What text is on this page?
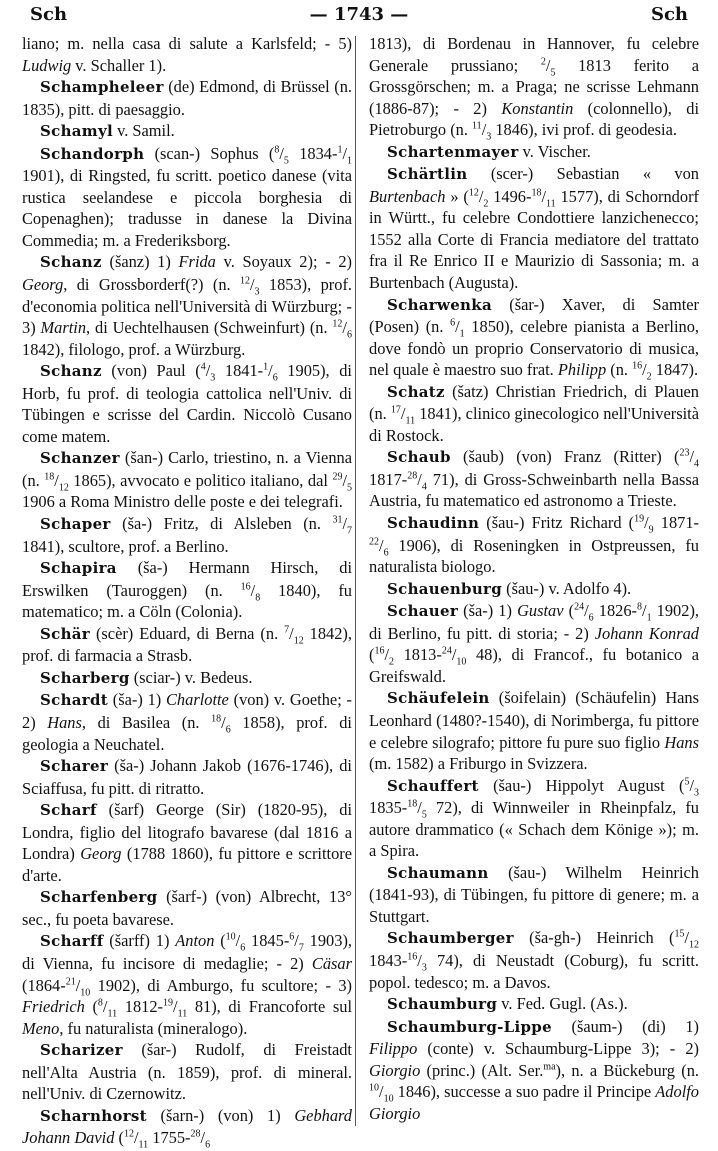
Sch	— 1743 —	Sch

liano; m. nella casa di salute a Karlsfeld; - 5) Ludwig v. Schaller 1).

Schampheleer (de) Edmond, di Brüssel (n. 1835), pitt. di paesaggio.

Schamyl v. Samil.

Schandorph (scan-) Sophus ($^8/_5$ $1834-^1/_1$ 1901), di Ringsted, fu scritt. poetico danese (vita rustica seelandese e piccola borghesia di Copenaghen); tradusse in danese la Divina Commedia; m. a Frederiksborg.

Schanz (šanz) 1) Frida v. Soyaux 2); - 2) Georg, di Grossborderf(?) (n. $^{12}/_3$ 1853), prof. d'economia politica nell'Università di Würzburg; - 3) Martin, di Uechtelhausen (Schweinfurt) (n. $^{12}/_6$ 1842), filologo, prof. a Würzburg.

Schanz (von) Paul ($^4/_3$ $1841-^1/_6$ 1905), di Horb, fu prof. di teologia cattolica nell'Univ. di Tübingen e scrisse del Cardin. Niccolò Cusano come matem.

Schanzer (šan-) Carlo, triestino, n. a Vienna (n. $^{18}/_{12}$ 1865), avvocato e politico italiano, dal $^{29}/_5$ 1906 a Roma Ministro delle poste e dei telegrafi.

Schaper (ša-) Fritz, di Alsleben (n. $^{31}/_7$ 1841), scultore, prof. a Berlino.

Schapira (ša-) Hermann Hirsch, di Erswilken (Tauroggen) (n. $^{16}/_8$ 1840), fu matematico; m. a Cöln (Colonia).

Schär (scèr) Eduard, di Berna (n. $^7/_{12}$ 1842), prof. di farmacia a Strasb.

Scharberg (sciar-) v. Bedeus.

Schardt (ša-) 1) Charlotte (von) v. Goethe; - 2) Hans, di Basilea (n. $^{18}/_6$ 1858), prof. di geologia a Neuchatel.

Scharer (ša-) Johann Jakob (1676-1746), di Sciaffusa, fu pitt. di ritratto.

Scharf (šarf) George (Sir) (1820-95), di Londra, figlio del litografo bavarese (dal 1816 a Londra) Georg (1788 1860), fu pittore e scrittore d'arte.

Scharfenberg (šarf-) (von) Albrecht, 13° sec., fu poeta bavarese.

Scharff (šarff) 1) Anton ($^{10}/_6$ $1845-^6/_7$ 1903), di Vienna, fu incisore di medaglie; - 2) Cäsar ($1864-^{21}/_{10}$ 1902), di Amburgo, fu scultore; - 3) Friedrich ($^8/_{11}$ $1812-^{19}/_{11}$ 81), di Francoforte sul Meno, fu naturalista (mineralogo).

Scharizer (šar-) Rudolf, di Freistadt nell'Alta Austria (n. 1859), prof. di mineral. nell'Univ. di Czernowitz.

Scharnhorst (šarn-) (von) 1) Gebhard Johann David ($^{12}/_{11}$ $1755-^{28}/_6$

1813), di Bordenau in Hannover, fu celebre Generale prussiano; $^2/_5$ 1813 ferito a Grossgörschen; m. a Praga; ne scrisse Lehmann (1886-87); - 2) Konstantin (colonnello), di Pietroburgo (n. $^{11}/_3$ 1846), ivi prof. di geodesia.

Schartenmayer v. Vischer.

Schärtlin (scer-) Sebastian « von Burtenbach » ($^{12}/_2$ $1496-^{18}/_{11}$ 1577), di Schorndorf in Württ., fu celebre Condottiere lanzichenecco; 1552 alla Corte di Francia mediatore del trattato fra il Re Enrico II e Maurizio di Sassonia; m. a Burtenbach (Augusta).

Scharwenka (šar-) Xaver, di Samter (Posen) (n. $^6/_1$ 1850), celebre pianista a Berlino, dove fondò un proprio Conservatorio di musica, nel quale è maestro suo frat. Philipp (n. $^{16}/_2$ 1847).

Schatz (šatz) Christian Friedrich, di Plauen (n. $^{17}/_{11}$ 1841), clinico ginecologico nell'Università di Rostock.

Schaub (šaub) (von) Franz (Ritter) ($^{23}/_4$ $1817-^{28}/_4$ 71), di Gross-Schweinbarth nella Bassa Austria, fu matematico ed astronomo a Trieste.

Schaudinn (šau-) Fritz Richard ($^{19}/_9$ $1871-^{22}/_6$ 1906), di Roseningken in Ostpreussen, fu naturalista biologo.

Schauenburg (šau-) v. Adolfo 4).

Schauer (ša-) 1) Gustav ($^{24}/_6$ $1826-^8/_1$ 1902), di Berlino, fu pitt. di storia; - 2) Johann Konrad ($^{16}/_2$ $1813-^{24}/_{10}$ 48), di Francof., fu botanico a Greifswald.

Schäufelein (šoifelain) (Schäufelin) Hans Leonhard (1480?-1540), di Norimberga, fu pittore e celebre silografo; pittore fu pure suo figlio Hans (m. 1582) a Friburgo in Svizzera.

Schauffert (šau-) Hippolyt August ($^5/_3$ $1835-^{18}/_5$ 72), di Winnweiler in Rheinpfalz, fu autore drammatico (« Schach dem Könige »); m. a Spira.

Schaumann (šau-) Wilhelm Heinrich (1841-93), di Tübingen, fu pittore di genere; m. a Stuttgart.

Schaumberger (ša-gh-) Heinrich ($^{15}/_{12}$ $1843-^{16}/_3$ 74), di Neustadt (Coburg), fu scritt. popol. tedesco; m. a Davos.

Schaumburg v. Fed. Gugl. (As.).

Schaumburg-Lippe (šaum-) (di) 1) Filippo (conte) v. Schaumburg-Lippe 3); - 2) Giorgio (princ.) (Alt. Ser.$^{ma}$), n. a Bückeburg (n. $^{10}/_{10}$ 1846), successe a suo padre il Principe Adolfo Giorgio
